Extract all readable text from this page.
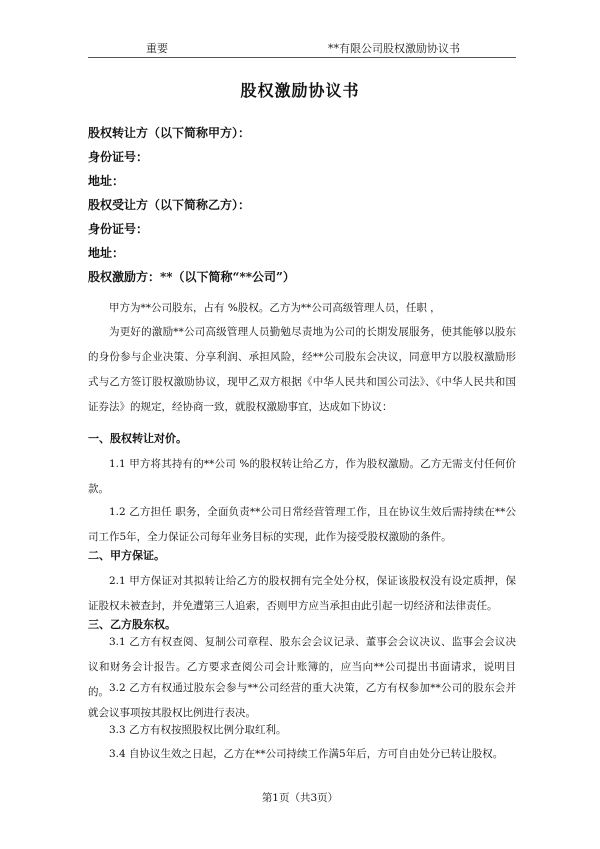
重要	**有限公司股权激励协议书
股权激励协议书
股权转让方（以下简称甲方）：
身份证号：
地址：
股权受让方（以下简称乙方）：
身份证号：
地址：
股权激励方：**（以下简称“**公司”）
甲方为**公司股东，占有 %股权。乙方为**公司高级管理人员，任职 ，
为更好的激励**公司高级管理人员勤勉尽责地为公司的长期发展服务，使其能够以股东的身份参与企业决策、分享利润、承担风险，经**公司股东会决议，同意甲方以股权激励形式与乙方签订股权激励协议，现甲乙双方根据《中华人民共和国公司法》、《中华人民共和国证券法》的规定，经协商一致，就股权激励事宜，达成如下协议：
一、股权转让对价。
1.1 甲方将其持有的**公司 %的股权转让给乙方，作为股权激励。乙方无需支付任何价款。
1.2 乙方担任 职务，全面负责**公司日常经营管理工作，且在协议生效后需持续在**公司工作5年，全力保证公司每年业务目标的实现，此作为接受股权激励的条件。
二、甲方保证。
2.1 甲方保证对其拟转让给乙方的股权拥有完全处分权，保证该股权没有设定质押，保证股权未被查封，并免遭第三人追索，否则甲方应当承担由此引起一切经济和法律责任。
三、乙方股东权。
3.1 乙方有权查阅、复制公司章程、股东会会议记录、董事会会议决议、监事会会议决议和财务会计报告。乙方要求查阅公司会计账簿的，应当向**公司提出书面请求，说明目的。 3.2 乙方有权通过股东会参与**公司经营的重大决策，乙方有权参加**公司的股东会并就会议事项按其股权比例进行表决。
3.3 乙方有权按照股权比例分取红利。
3.4 自协议生效之日起，乙方在**公司持续工作满5年后，方可自由处分已转让股权。
第1页（共3页）
